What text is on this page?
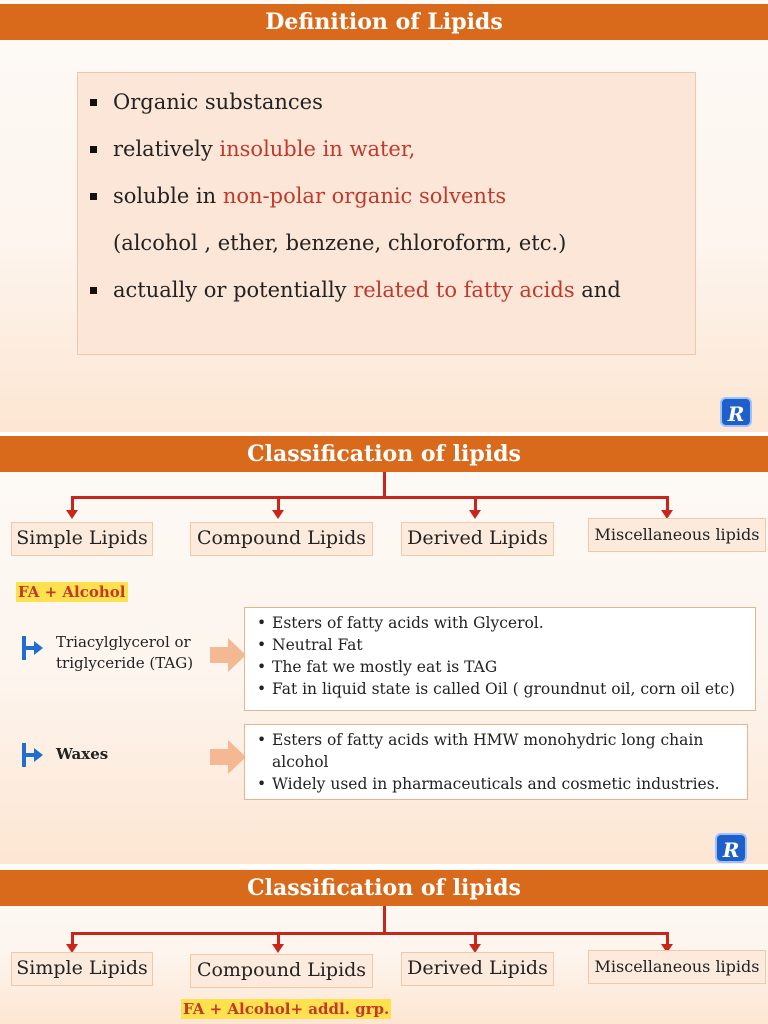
Definition of Lipids
Organic substances
relatively insoluble in water,
soluble in non-polar organic solvents
(alcohol , ether, benzene, chloroform, etc.)
actually or potentially related to fatty acids and
R
Classification of lipids
Simple Lipids	Compound Lipids	Derived Lipids	Miscellaneous lipids
FA + Alcohol
Triacylglycerol or
triglyceride (TAG)
• Esters of fatty acids with Glycerol.
• Neutral Fat
• The fat we mostly eat is TAG
• Fat in liquid state is called Oil ( groundnut oil, corn oil etc)
Waxes
• Esters of fatty acids with HMW monohydric long chain alcohol
• Widely used in pharmaceuticals and cosmetic industries.
R
Classification of lipids
Simple Lipids	Compound Lipids	Derived Lipids	Miscellaneous lipids
FA + Alcohol+ addl. grp.
